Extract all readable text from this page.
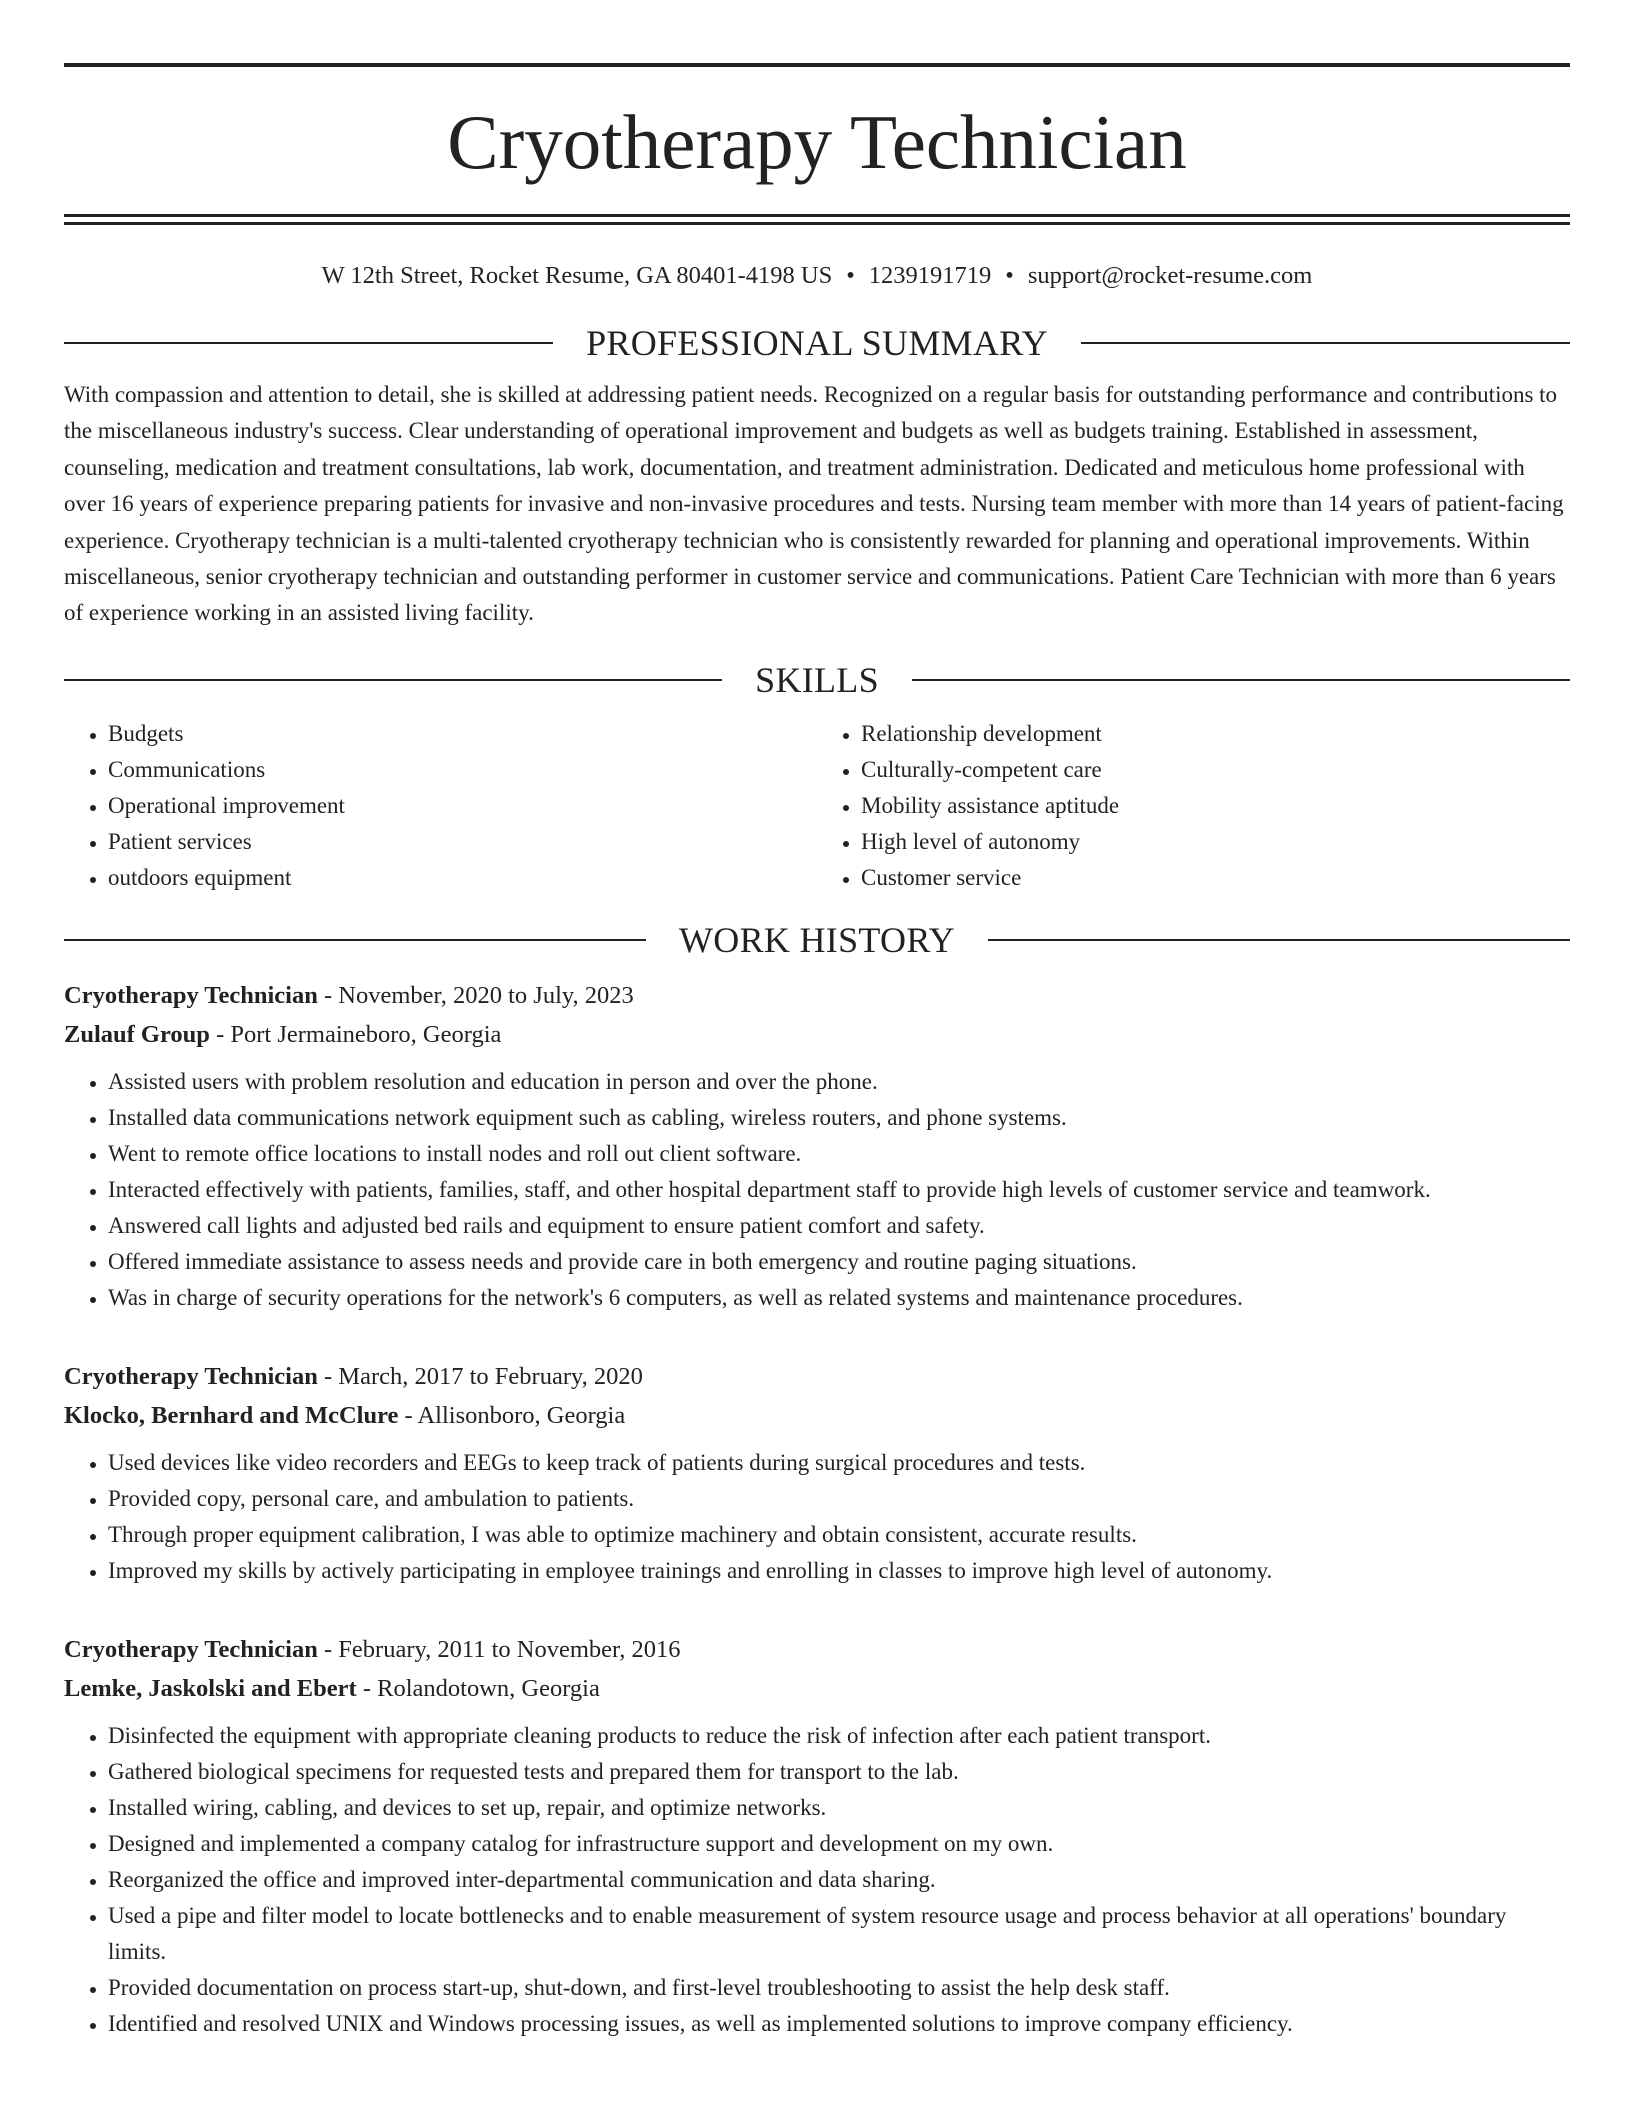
Cryotherapy Technician
W 12th Street, Rocket Resume, GA 80401-4198 US • 1239191719 • support@rocket-resume.com
PROFESSIONAL SUMMARY

With compassion and attention to detail, she is skilled at addressing patient needs. Recognized on a regular basis for outstanding performance and contributions to the miscellaneous industry's success. Clear understanding of operational improvement and budgets as well as budgets training. Established in assessment, counseling, medication and treatment consultations, lab work, documentation, and treatment administration. Dedicated and meticulous home professional with over 16 years of experience preparing patients for invasive and non-invasive procedures and tests. Nursing team member with more than 14 years of patient-facing experience. Cryotherapy technician is a multi-talented cryotherapy technician who is consistently rewarded for planning and operational improvements. Within miscellaneous, senior cryotherapy technician and outstanding performer in customer service and communications. Patient Care Technician with more than 6 years of experience working in an assisted living facility.

SKILLS
• Budgets
• Communications
• Operational improvement
• Patient services
• outdoors equipment
• Relationship development
• Culturally-competent care
• Mobility assistance aptitude
• High level of autonomy
• Customer service
WORK HISTORY
Cryotherapy Technician - November, 2020 to July, 2023
Zulauf Group - Port Jermaineboro, Georgia
• Assisted users with problem resolution and education in person and over the phone.
• Installed data communications network equipment such as cabling, wireless routers, and phone systems.
• Went to remote office locations to install nodes and roll out client software.
• Interacted effectively with patients, families, staff, and other hospital department staff to provide high levels of customer service and teamwork.
• Answered call lights and adjusted bed rails and equipment to ensure patient comfort and safety.
• Offered immediate assistance to assess needs and provide care in both emergency and routine paging situations.
• Was in charge of security operations for the network's 6 computers, as well as related systems and maintenance procedures.
Cryotherapy Technician - March, 2017 to February, 2020
Klocko, Bernhard and McClure - Allisonboro, Georgia
• Used devices like video recorders and EEGs to keep track of patients during surgical procedures and tests.
• Provided copy, personal care, and ambulation to patients.
• Through proper equipment calibration, I was able to optimize machinery and obtain consistent, accurate results.
• Improved my skills by actively participating in employee trainings and enrolling in classes to improve high level of autonomy.
Cryotherapy Technician - February, 2011 to November, 2016
Lemke, Jaskolski and Ebert - Rolandotown, Georgia
• Disinfected the equipment with appropriate cleaning products to reduce the risk of infection after each patient transport.
• Gathered biological specimens for requested tests and prepared them for transport to the lab.
• Installed wiring, cabling, and devices to set up, repair, and optimize networks.
• Designed and implemented a company catalog for infrastructure support and development on my own.
• Reorganized the office and improved inter-departmental communication and data sharing.
• Used a pipe and filter model to locate bottlenecks and to enable measurement of system resource usage and process behavior at all operations' boundary limits.
• Provided documentation on process start-up, shut-down, and first-level troubleshooting to assist the help desk staff.
• Identified and resolved UNIX and Windows processing issues, as well as implemented solutions to improve company efficiency.
